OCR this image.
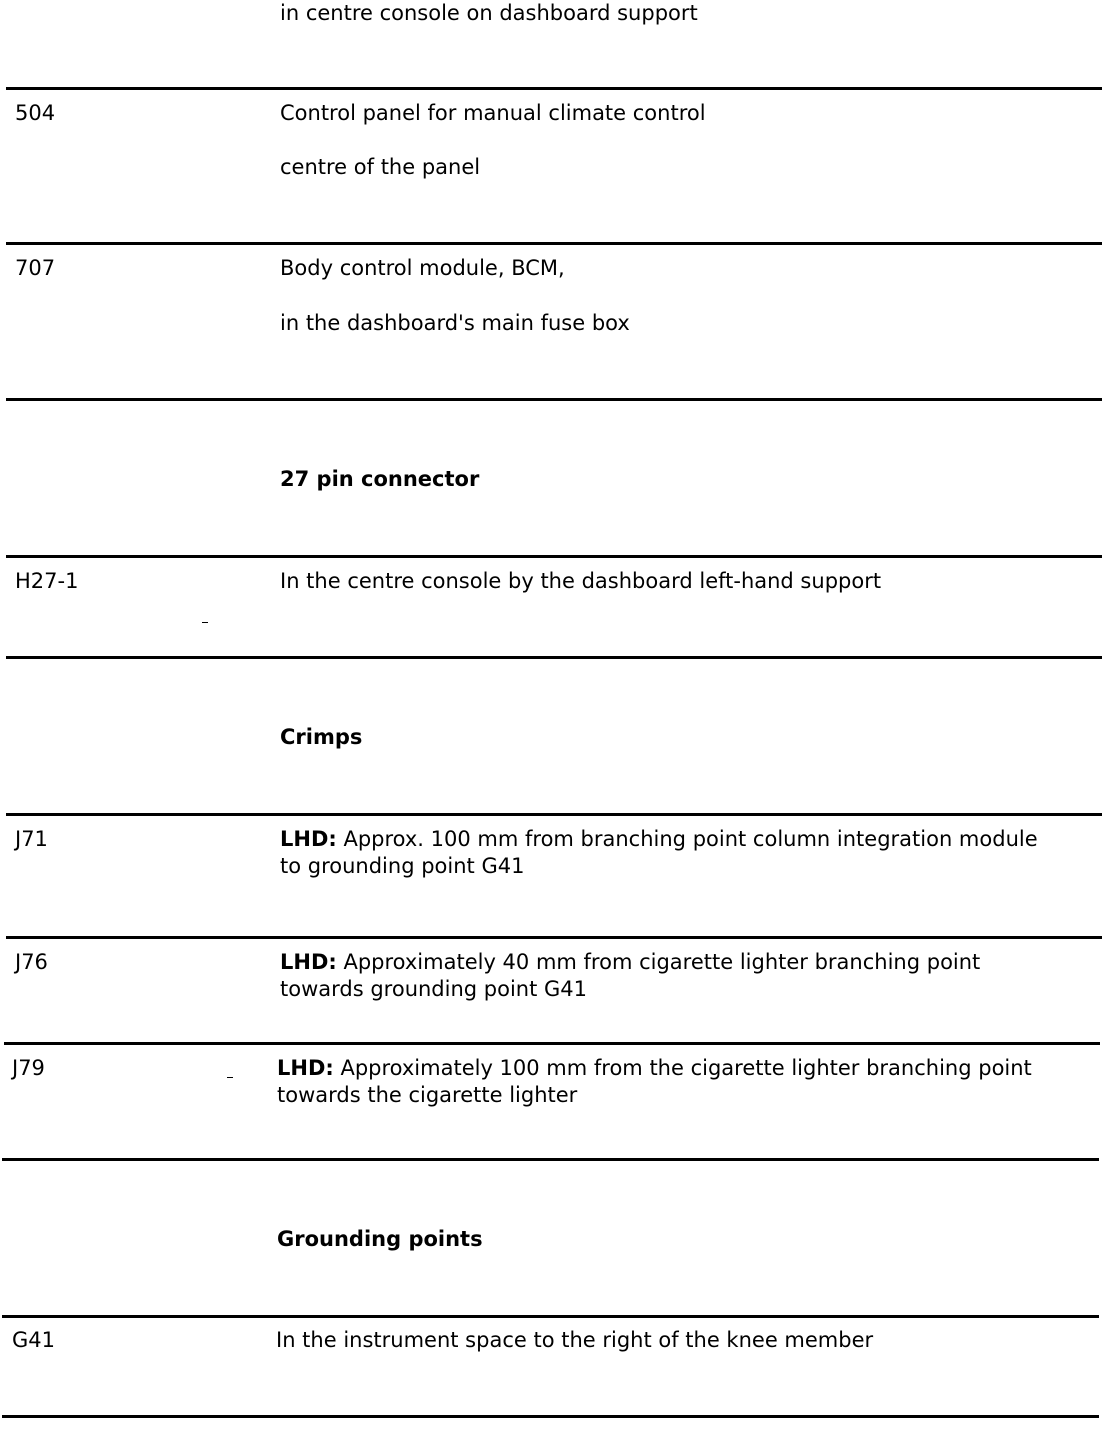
in centre console on dashboard support
504	Control panel for manual climate control
centre of the panel
707	Body control module, BCM,
in the dashboard's main fuse box
27 pin connector
H27-1	In the centre console by the dashboard left-hand support
Crimps
J71	LHD: Approx. 100 mm from branching point column integration module
to grounding point G41
J76	LHD: Approximately 40 mm from cigarette lighter branching point
towards grounding point G41
J79	LHD: Approximately 100 mm from the cigarette lighter branching point
towards the cigarette lighter
Grounding points
G41	In the instrument space to the right of the knee member
